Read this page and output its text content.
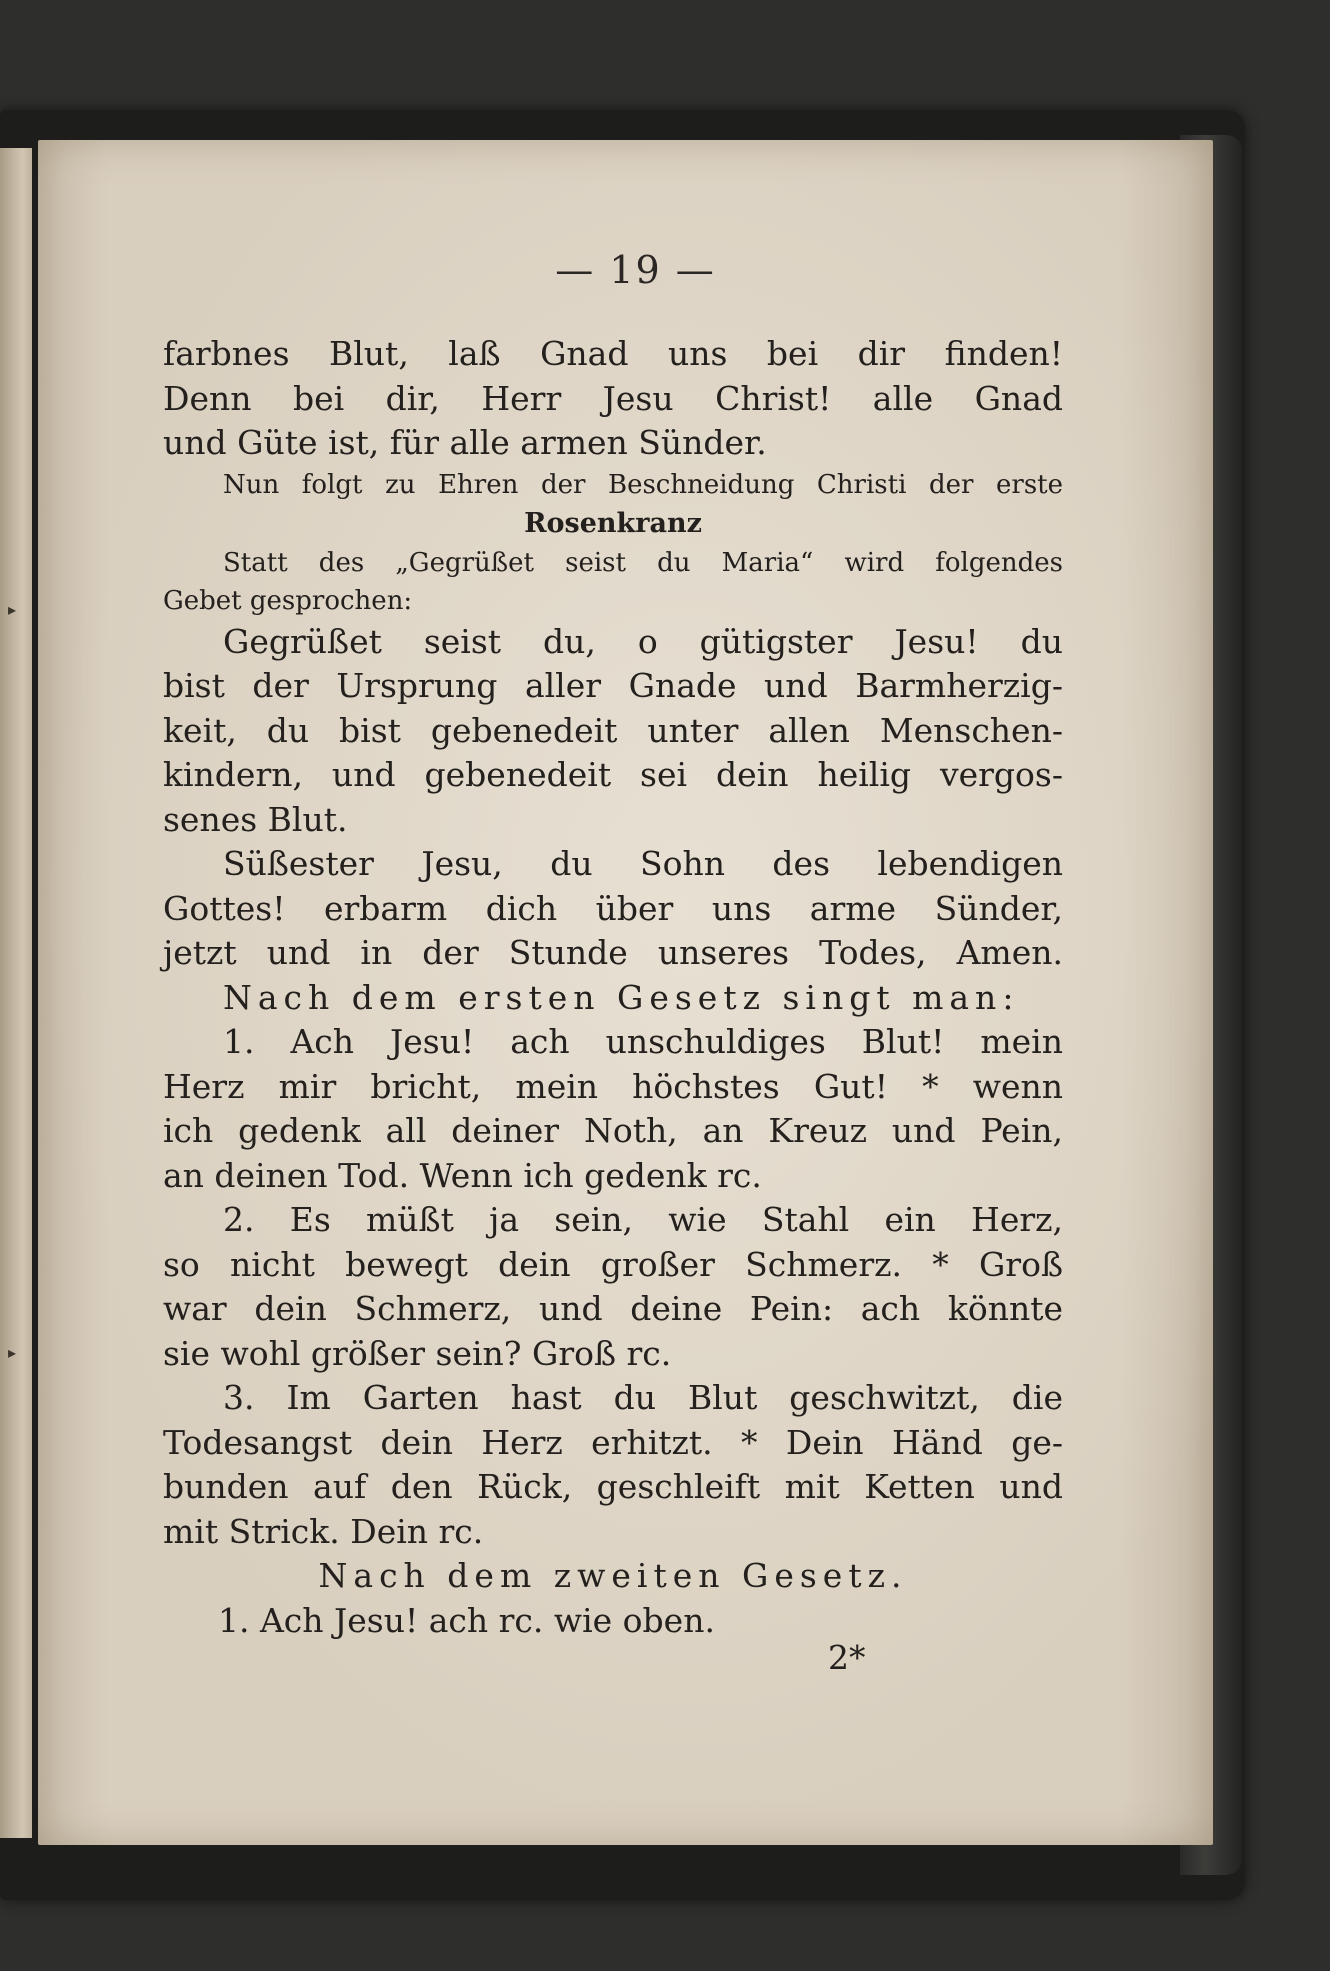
▸
▸
— 19 —
farbnes Blut, laß Gnad uns bei dir finden!
Denn bei dir, Herr Jesu Christ! alle Gnad
und Güte ist, für alle armen Sünder.
Nun folgt zu Ehren der Beschneidung Christi der erste
Rosenkranz
Statt des „Gegrüßet seist du Maria“ wird folgendes
Gebet gesprochen:
Gegrüßet seist du, o gütigster Jesu! du
bist der Ursprung aller Gnade und Barmherzig-
keit, du bist gebenedeit unter allen Menschen-
kindern, und gebenedeit sei dein heilig vergos-
senes Blut.
Süßester Jesu, du Sohn des lebendigen
Gottes! erbarm dich über uns arme Sünder,
jetzt und in der Stunde unseres Todes, Amen.
Nach dem ersten Gesetz singt man:
1. Ach Jesu! ach unschuldiges Blut! mein
Herz mir bricht, mein höchstes Gut! * wenn
ich gedenk all deiner Noth, an Kreuz und Pein,
an deinen Tod. Wenn ich gedenk rc.
2. Es müßt ja sein, wie Stahl ein Herz,
so nicht bewegt dein großer Schmerz. * Groß
war dein Schmerz, und deine Pein: ach könnte
sie wohl größer sein? Groß rc.
3. Im Garten hast du Blut geschwitzt, die
Todesangst dein Herz erhitzt. * Dein Händ ge-
bunden auf den Rück, geschleift mit Ketten und
mit Strick. Dein rc.
Nach dem zweiten Gesetz.
1. Ach Jesu! ach rc. wie oben.
2*
